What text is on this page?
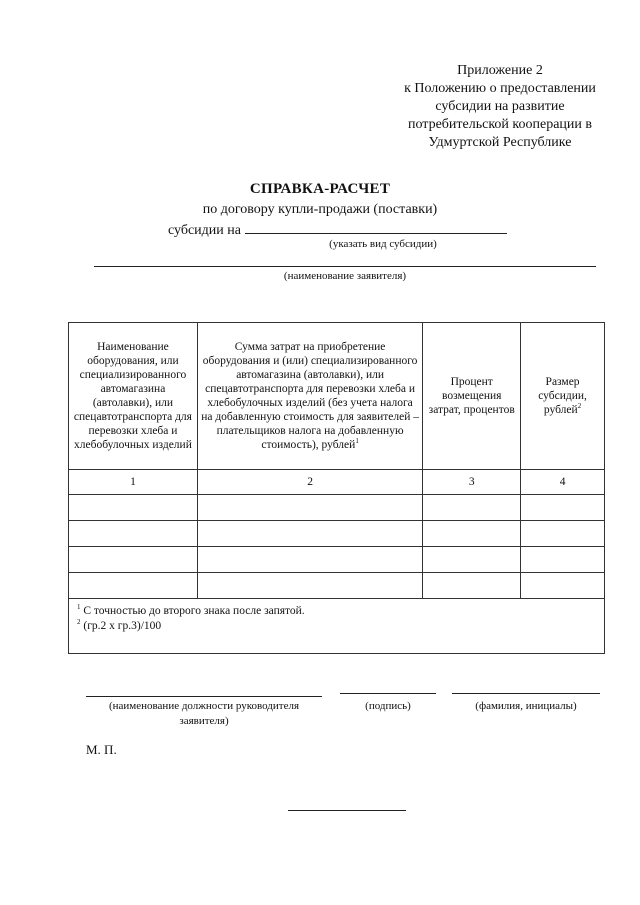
Приложение 2
к Положению о предоставлении
субсидии на развитие
потребительской кооперации в
Удмуртской Республике
СПРАВКА-РАСЧЕТ
по договору купли-продажи (поставки)
субсидии на
(указать вид субсидии)
(наименование заявителя)
Наименование оборудования, или специализированного автомагазина (автолавки), или спецавтотранспорта для перевозки хлеба и хлебобулочных изделий	Сумма затрат на приобретение оборудования и (или) специализированного автомагазина (автолавки), или спецавтотранспорта для перевозки хлеба и хлебобулочных изделий (без учета налога на добавленную стоимость для заявителей – плательщиков налога на добавленную стоимость), рублей$^1$	Процент возмещения затрат, процентов	Размер субсидии, рублей$^2$
1	2	3	4

$^1$ С точностью до второго знака после запятой.
$^2$ (гр.2 х гр.3)/100			
(наименование должности руководителя заявителя)
(подпись)	(фамилия, инициалы)
М. П.
